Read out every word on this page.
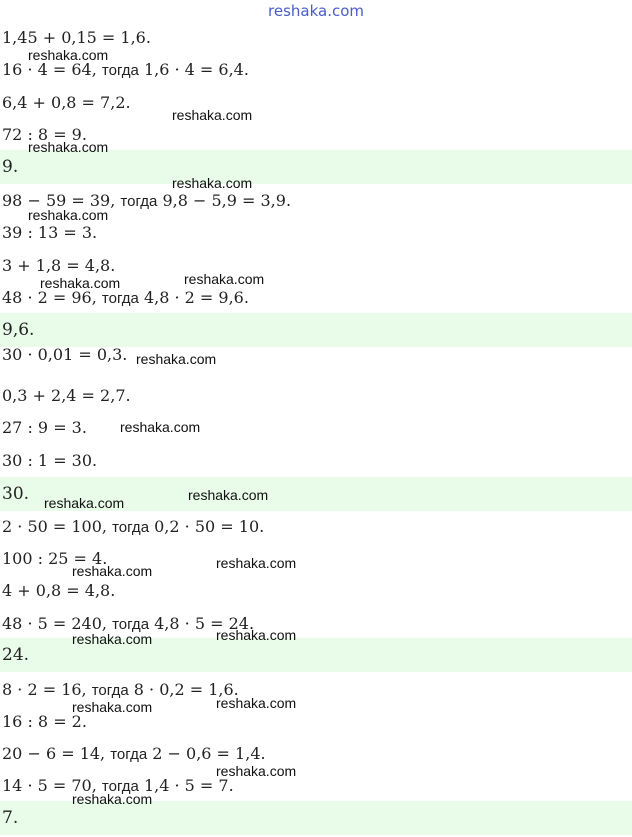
reshaka.com
1,45 + 0,15 = 1,6.
16 · 4 = 64, тогда 1,6 · 4 = 6,4.
6,4 + 0,8 = 7,2.
72 : 8 = 9.
9.
98 − 59 = 39, тогда 9,8 − 5,9 = 3,9.
39 : 13 = 3.
3 + 1,8 = 4,8.
48 · 2 = 96, тогда 4,8 · 2 = 9,6.
9,6.
30 · 0,01 = 0,3.
0,3 + 2,4 = 2,7.
27 : 9 = 3.
30 : 1 = 30.
30.
2 · 50 = 100, тогда 0,2 · 50 = 10.
100 : 25 = 4.
4 + 0,8 = 4,8.
48 · 5 = 240, тогда 4,8 · 5 = 24.
24.
8 · 2 = 16, тогда 8 · 0,2 = 1,6.
16 : 8 = 2.
20 − 6 = 14, тогда 2 − 0,6 = 1,4.
14 · 5 = 70, тогда 1,4 · 5 = 7.
7.
reshaka.com
reshaka.com
reshaka.com
reshaka.com
reshaka.com
reshaka.com
reshaka.com
reshaka.com
reshaka.com
reshaka.com
reshaka.com
reshaka.com
reshaka.com
reshaka.com
reshaka.com
reshaka.com
reshaka.com
reshaka.com
reshaka.com
